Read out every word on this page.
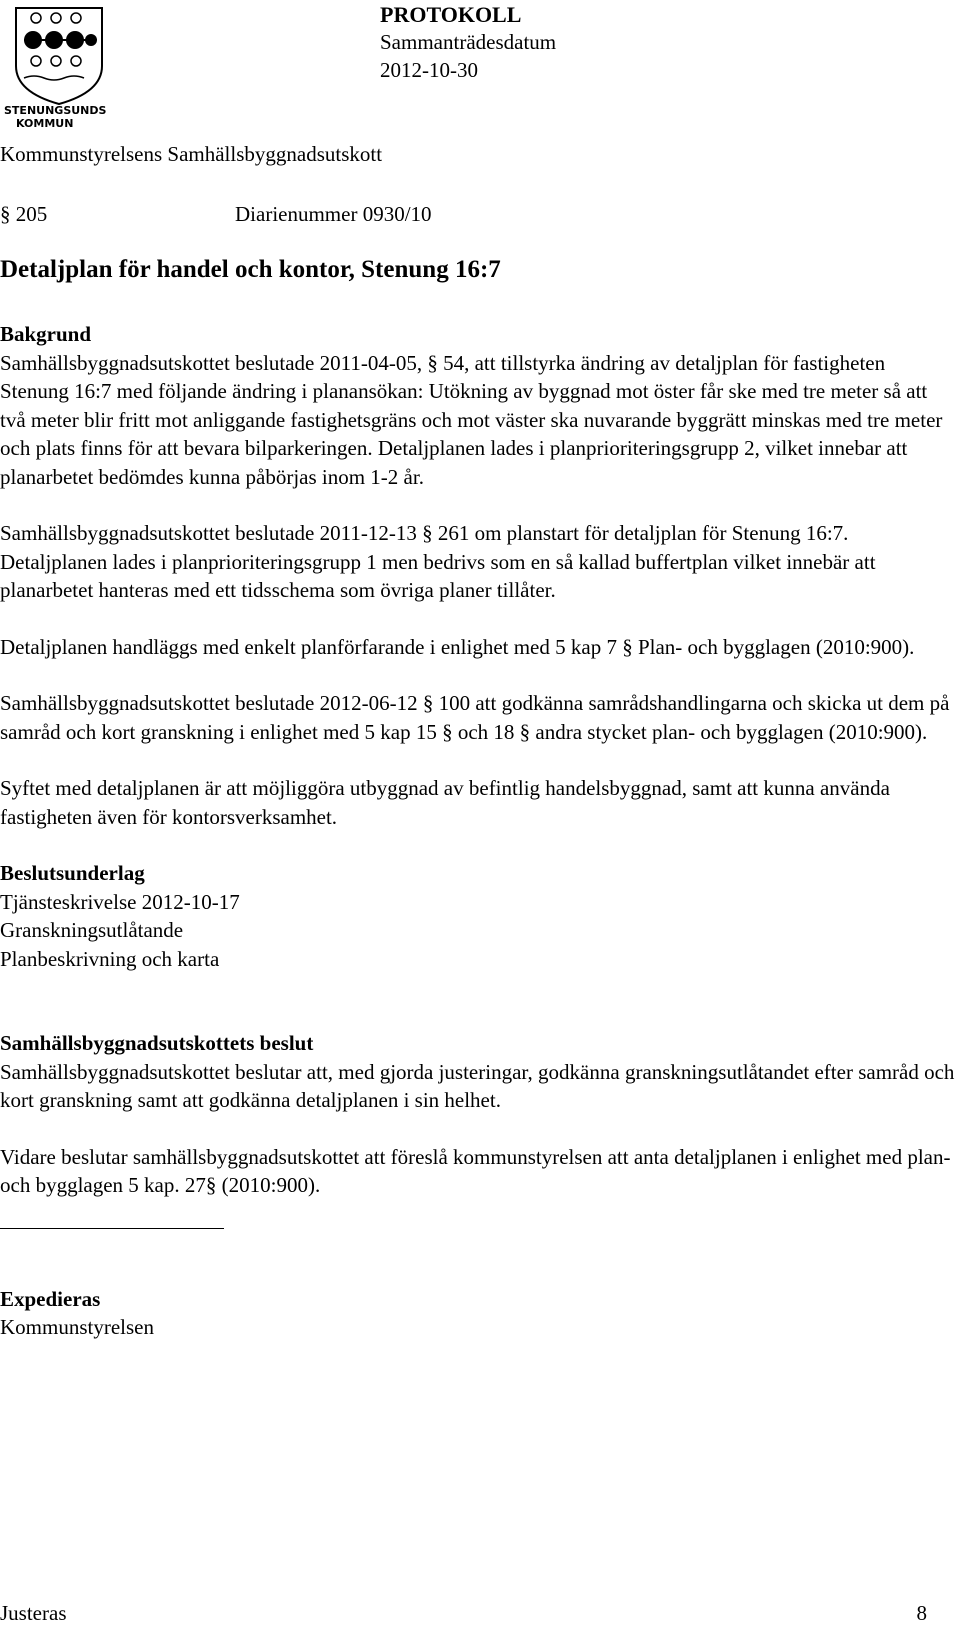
STENUNGSUNDS
KOMMUN
PROTOKOLL
Sammanträdesdatum
2012-10-30
Kommunstyrelsens Samhällsbyggnadsutskott
§ 205	Diarienummer 0930/10
Detaljplan för handel och kontor, Stenung 16:7
Bakgrund

Samhällsbyggnadsutskottet beslutade 2011-04-05, § 54, att tillstyrka ändring av detaljplan för fastigheten Stenung 16:7 med följande ändring i planansökan: Utökning av byggnad mot öster får ske med tre meter så att två meter blir fritt mot anliggande fastighetsgräns och mot väster ska nuvarande byggrätt minskas med tre meter och plats finns för att bevara bilparkeringen. Detaljplanen lades i planprioriteringsgrupp 2, vilket innebar att planarbetet bedömdes kunna påbörjas inom 1-2 år.

Samhällsbyggnadsutskottet beslutade 2011-12-13 § 261 om planstart för detaljplan för Stenung 16:7. Detaljplanen lades i planprioriteringsgrupp 1 men bedrivs som en så kallad buffertplan vilket innebär att planarbetet hanteras med ett tidsschema som övriga planer tillåter.

Detaljplanen handläggs med enkelt planförfarande i enlighet med 5 kap 7 § Plan- och bygglagen (2010:900).

Samhällsbyggnadsutskottet beslutade 2012-06-12 § 100 att godkänna samrådshandlingarna och skicka ut dem på samråd och kort granskning i enlighet med 5 kap 15 § och 18 § andra stycket plan- och bygglagen (2010:900).

Syftet med detaljplanen är att möjliggöra utbyggnad av befintlig handelsbyggnad, samt att kunna använda fastigheten även för kontorsverksamhet.

Beslutsunderlag

Tjänsteskrivelse 2012-10-17

Granskningsutlåtande

Planbeskrivning och karta

Samhällsbyggnadsutskottets beslut

Samhällsbyggnadsutskottet beslutar att, med gjorda justeringar, godkänna granskningsutlåtandet efter samråd och kort granskning samt att godkänna detaljplanen i sin helhet.

Vidare beslutar samhällsbyggnadsutskottet att föreslå kommunstyrelsen att anta detaljplanen i enlighet med plan- och bygglagen 5 kap. 27§ (2010:900).

Expedieras

Kommunstyrelsen

Justeras	8
